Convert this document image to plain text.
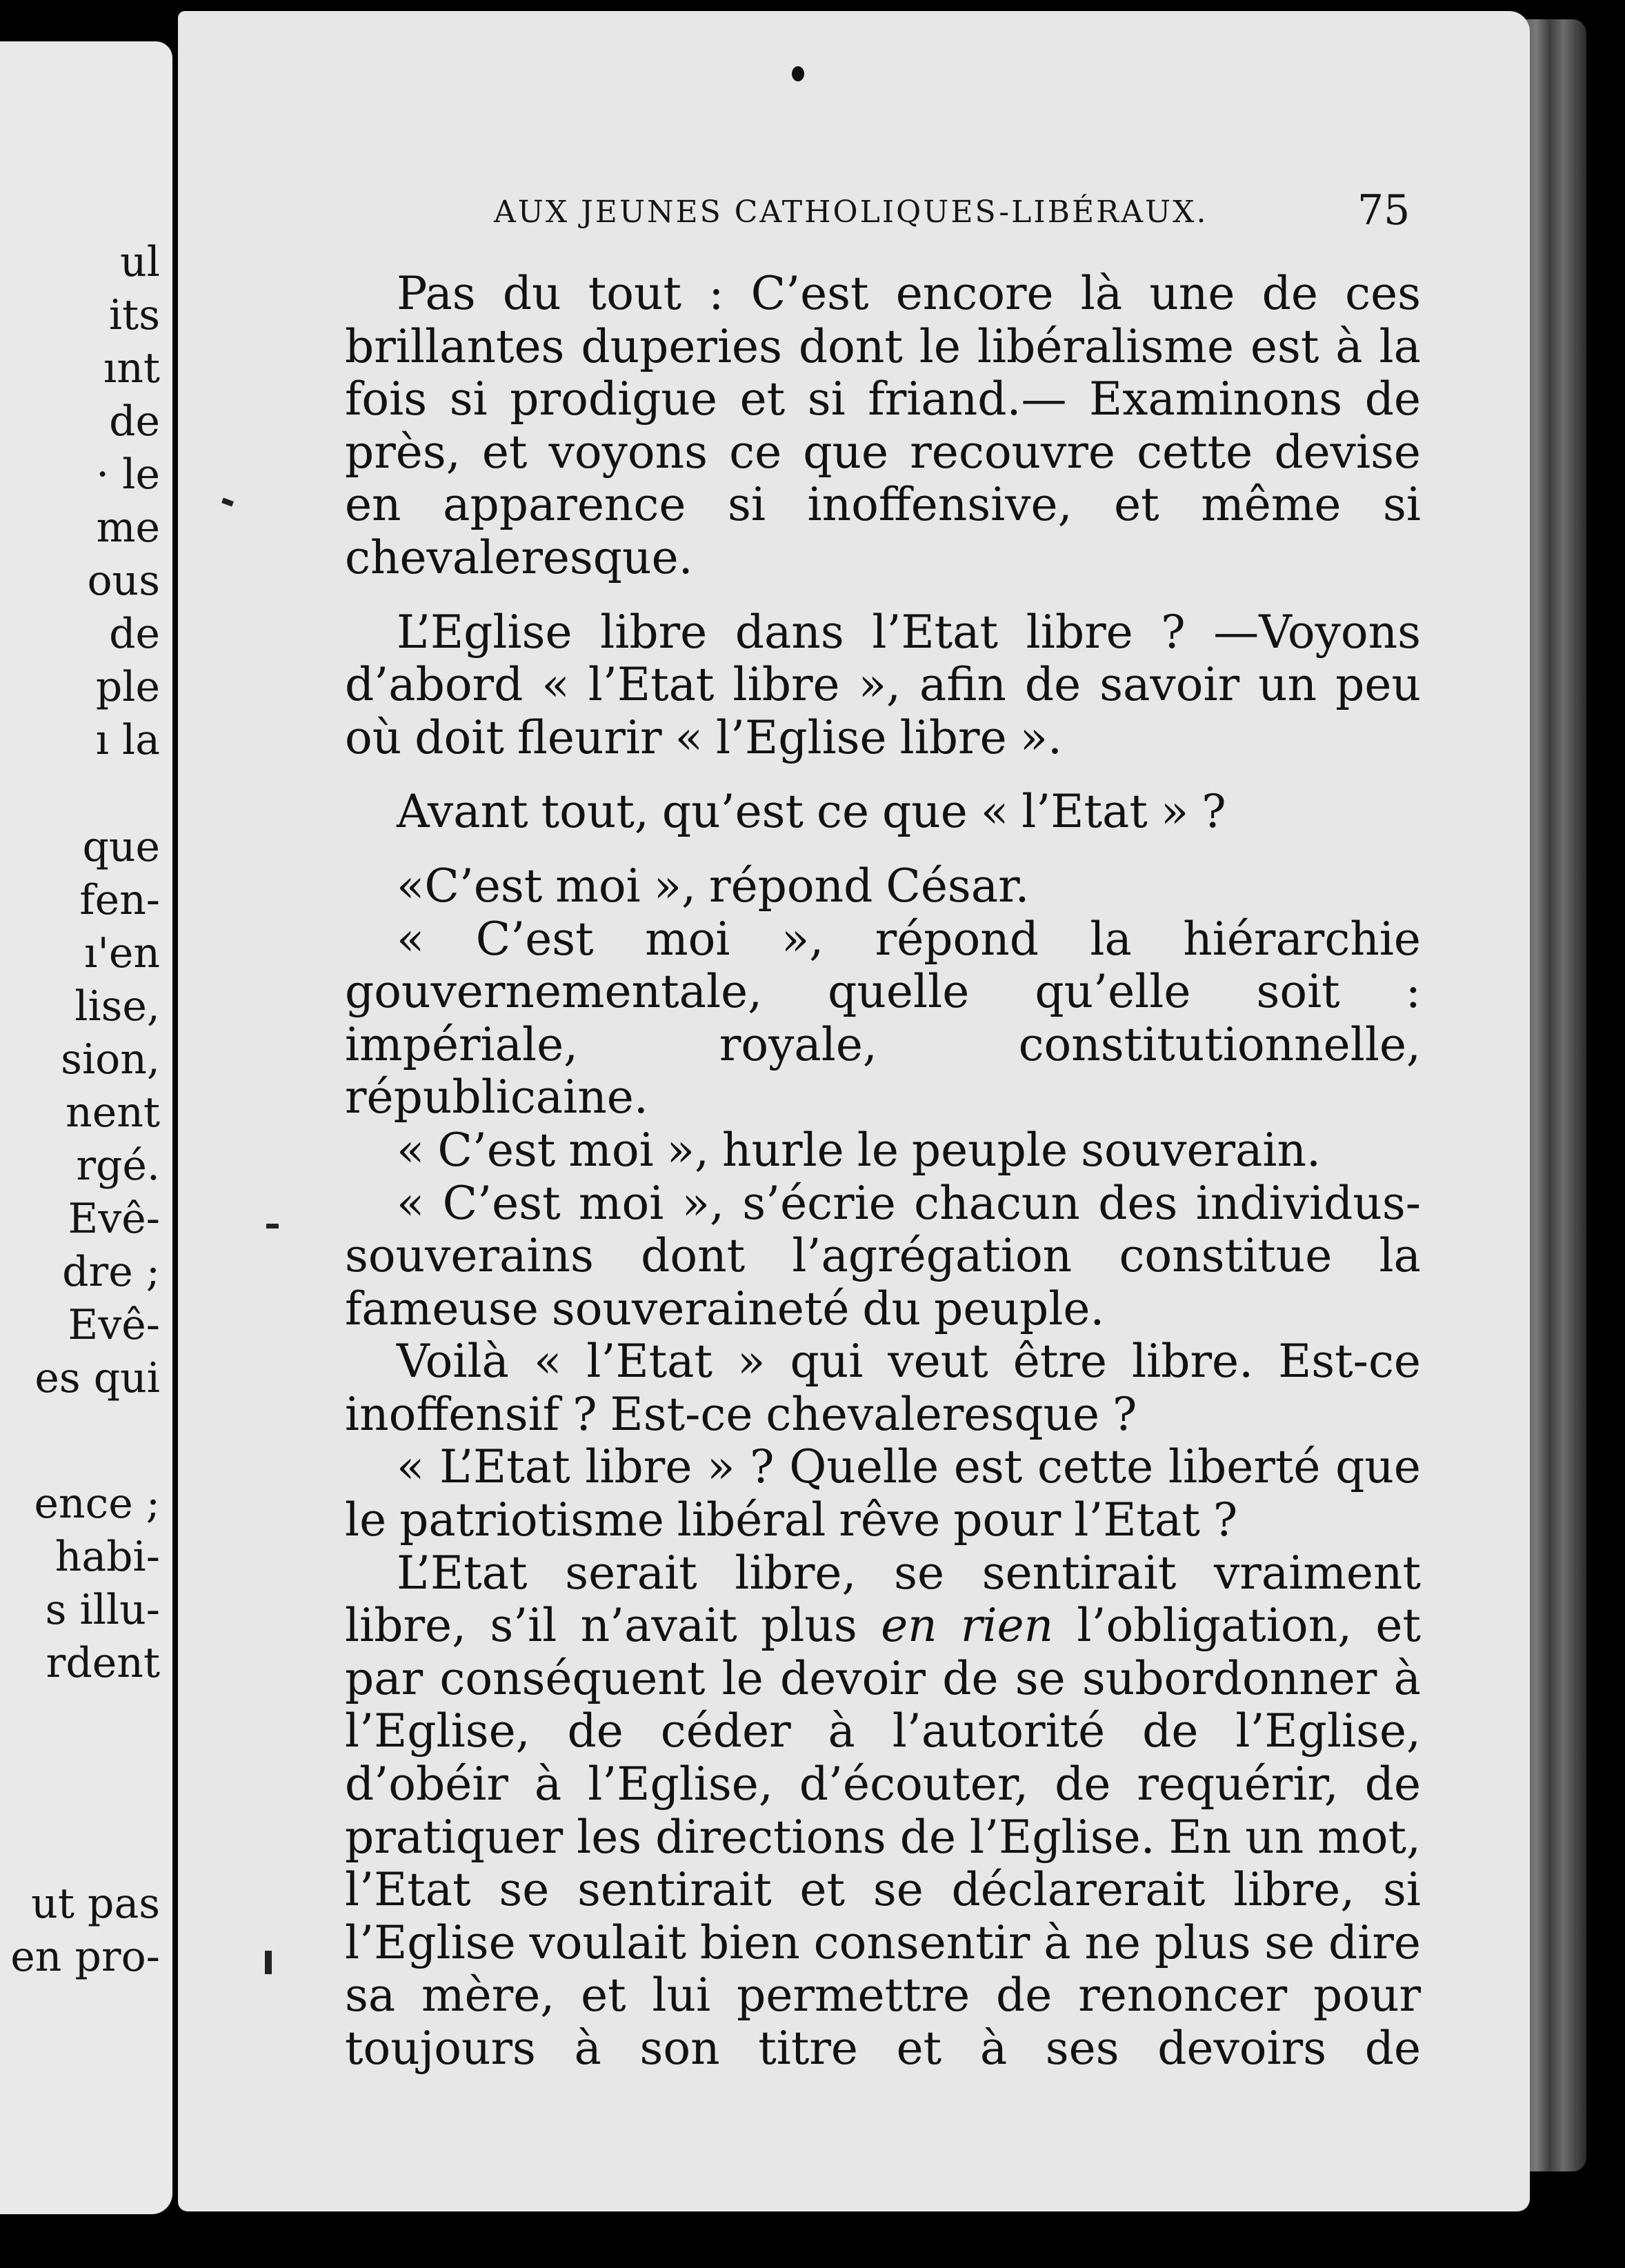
ul
its
ınt
de
· le
me
ous
de
ple
ı la
que
fen-
ı'en
lise,
sion,
nent
rgé.
Evê-
dre ;
Evê-
es qui
ence ;
habi-
s illu-
rdent
ut pas
en pro-
AUX JEUNES CATHOLIQUES-LIBÉRAUX.	75

Pas du tout : C’est encore là une de ces brillantes duperies dont le libéralisme est à la fois si prodigue et si friand.— Examinons de près, et voyons ce que recouvre cette devise en apparence si inoffensive, et même si chevaleresque.

L’Eglise libre dans l’Etat libre ? —Voyons d’abord « l’Etat libre », afin de savoir un peu où doit fleurir « l’Eglise libre ».

Avant tout, qu’est ce que « l’Etat » ?

«C’est moi », répond César.

« C’est moi », répond la hiérarchie gouvernementale, quelle qu’elle soit : impériale, royale, constitutionnelle, républicaine.

« C’est moi », hurle le peuple souverain.

« C’est moi », s’écrie chacun des individus-souverains dont l’agrégation constitue la fameuse souveraineté du peuple.

Voilà « l’Etat » qui veut être libre. Est-ce inoffensif ? Est-ce chevaleresque ?

« L’Etat libre » ? Quelle est cette liberté que le patriotisme libéral rêve pour l’Etat ?

L’Etat serait libre, se sentirait vraiment libre, s’il n’avait plus en rien l’obligation, et par conséquent le devoir de se subordonner à l’Eglise, de céder à l’autorité de l’Eglise, d’obéir à l’Eglise, d’écouter, de requérir, de pratiquer les directions de l’Eglise. En un mot, l’Etat se sentirait et se déclarerait libre, si l’Eglise voulait bien consentir à ne plus se dire sa mère, et lui permettre de renoncer pour toujours à son titre et à ses devoirs de
